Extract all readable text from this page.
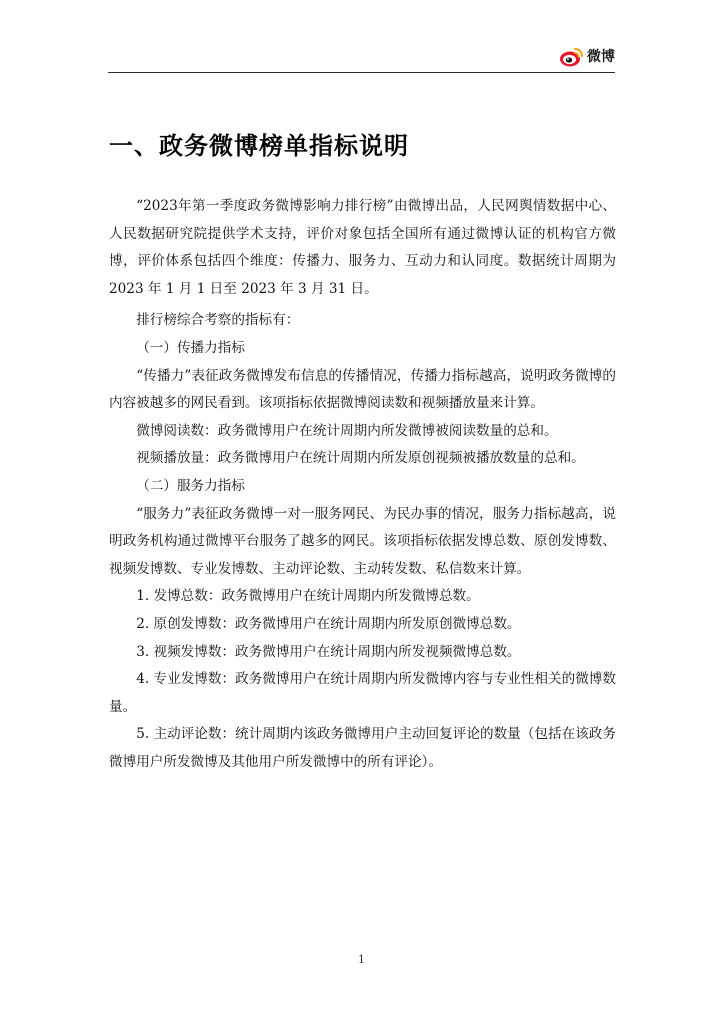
微博
一、政务微博榜单指标说明

“2023年第一季度政务微博影响力排行榜”由微博出品，人民网舆情数据中心、人民数据研究院提供学术支持，评价对象包括全国所有通过微博认证的机构官方微博，评价体系包括四个维度：传播力、服务力、互动力和认同度。数据统计周期为 2023 年 1 月 1 日至 2023 年 3 月 31 日。

排行榜综合考察的指标有：

（一）传播力指标

“传播力”表征政务微博发布信息的传播情况，传播力指标越高，说明政务微博的内容被越多的网民看到。该项指标依据微博阅读数和视频播放量来计算。

微博阅读数：政务微博用户在统计周期内所发微博被阅读数量的总和。

视频播放量：政务微博用户在统计周期内所发原创视频被播放数量的总和。

（二）服务力指标

“服务力”表征政务微博一对一服务网民、为民办事的情况，服务力指标越高，说明政务机构通过微博平台服务了越多的网民。该项指标依据发博总数、原创发博数、视频发博数、专业发博数、主动评论数、主动转发数、私信数来计算。

1. 发博总数：政务微博用户在统计周期内所发微博总数。

2. 原创发博数：政务微博用户在统计周期内所发原创微博总数。

3. 视频发博数：政务微博用户在统计周期内所发视频微博总数。

4. 专业发博数：政务微博用户在统计周期内所发微博内容与专业性相关的微博数量。

5. 主动评论数：统计周期内该政务微博用户主动回复评论的数量（包括在该政务微博用户所发微博及其他用户所发微博中的所有评论）。

1
